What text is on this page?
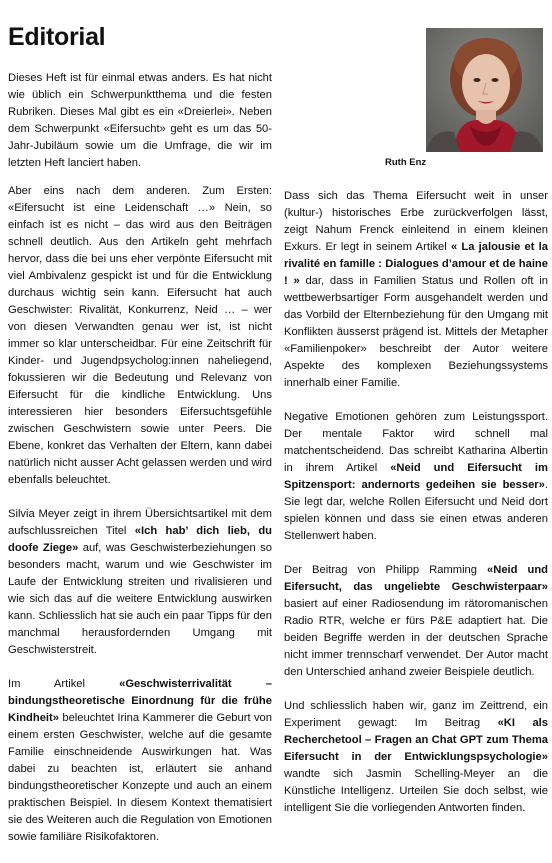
Editorial

Dieses Heft ist für einmal etwas anders. Es hat nicht wie üblich ein Schwerpunktthema und die festen Rubriken. Dieses Mal gibt es ein «Dreierlei». Neben dem Schwerpunkt «Eifersucht» geht es um das 50-Jahr-Jubiläum sowie um die Umfrage, die wir im letzten Heft lanciert haben.	Ruth Enz

Aber eins nach dem anderen. Zum Ersten: «Eifersucht ist eine Leidenschaft …» Nein, so einfach ist es nicht – das wird aus den Beiträgen schnell deutlich. Aus den Artikeln geht mehrfach hervor, dass die bei uns eher verpönte Eifersucht mit viel Ambivalenz gespickt ist und für die Entwicklung durchaus wichtig sein kann. Eifersucht hat auch Geschwister: Rivalität, Konkurrenz, Neid … – wer von diesen Verwandten genau wer ist, ist nicht immer so klar unterscheidbar. Für eine Zeitschrift für Kinder- und Jugendpsycholog:innen naheliegend, fokussieren wir die Bedeutung und Relevanz von Eifersucht für die kindliche Entwicklung. Uns interessieren hier besonders Eifersuchtsgefühle zwischen Geschwistern sowie unter Peers. Die Ebene, konkret das Verhalten der Eltern, kann dabei natürlich nicht ausser Acht gelassen werden und wird ebenfalls beleuchtet.

Silvia Meyer zeigt in ihrem Übersichtsartikel mit dem aufschlussreichen Titel «Ich hab’ dich lieb, du doofe Ziege» auf, was Geschwisterbeziehungen so besonders macht, warum und wie Geschwister im Laufe der Entwicklung streiten und rivalisieren und wie sich das auf die weitere Entwicklung auswirken kann. Schliesslich hat sie auch ein paar Tipps für den manchmal herausfordernden Umgang mit Geschwisterstreit.

Im Artikel «Geschwisterrivalität – bindungstheoretische Einordnung für die frühe Kindheit» beleuchtet Irina Kammerer die Geburt von einem ersten Geschwister, welche auf die gesamte Familie einschneidende Auswirkungen hat. Was dabei zu beachten ist, erläutert sie anhand bindungstheoretischer Konzepte und auch an einem praktischen Beispiel. In diesem Kontext thematisiert sie des Weiteren auch die Regulation von Emotionen sowie familiäre Risikofaktoren.

Dass sich das Thema Eifersucht weit in unser (kultur-) historisches Erbe zurückverfolgen lässt, zeigt Nahum Frenck einleitend in einem kleinen Exkurs. Er legt in seinem Artikel « La jalousie et la rivalité en famille : Dialogues d’amour et de haine ! » dar, dass in Familien Status und Rollen oft in wettbewerbsartiger Form ausgehandelt werden und das Vorbild der Elternbeziehung für den Umgang mit Konflikten äusserst prägend ist. Mittels der Metapher «Familienpoker» beschreibt der Autor weitere Aspekte des komplexen Beziehungssystems innerhalb einer Familie.

Negative Emotionen gehören zum Leistungssport. Der mentale Faktor wird schnell mal matchentscheidend. Das schreibt Katharina Albertin in ihrem Artikel «Neid und Eifersucht im Spitzensport: andernorts gedeihen sie besser». Sie legt dar, welche Rollen Eifersucht und Neid dort spielen können und dass sie einen etwas anderen Stellenwert haben.

Der Beitrag von Philipp Ramming «Neid und Eifersucht, das ungeliebte Geschwisterpaar» basiert auf einer Radiosendung im rätoromanischen Radio RTR, welche er fürs P&E adaptiert hat. Die beiden Begriffe werden in der deutschen Sprache nicht immer trennscharf verwendet. Der Autor macht den Unterschied anhand zweier Beispiele deutlich.

Und schliesslich haben wir, ganz im Zeittrend, ein Experiment gewagt: Im Beitrag «KI als Recherchetool – Fragen an Chat GPT zum Thema Eifersucht in der Entwicklungspsychologie» wandte sich Jasmin Schelling-Meyer an die Künstliche Intelligenz. Urteilen Sie doch selbst, wie intelligent Sie die vorliegenden Antworten finden.
